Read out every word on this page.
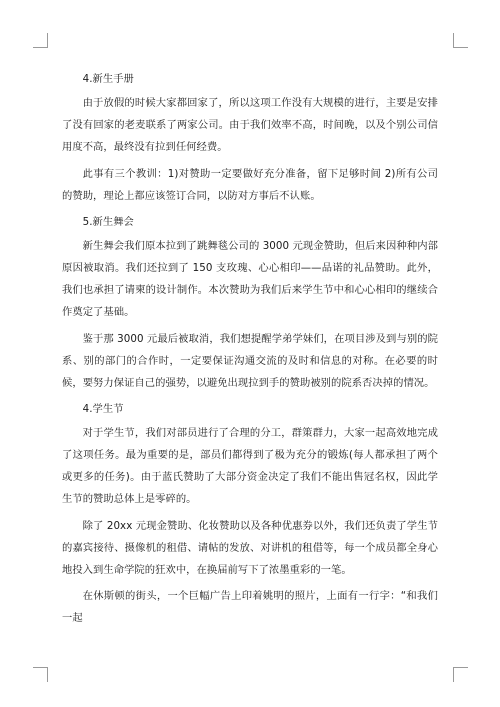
4.新生手册

由于放假的时候大家都回家了，所以这项工作没有大规模的进行，主要是安排了没有回家的老麦联系了两家公司。由于我们效率不高，时间晚，以及个别公司信用度不高，最终没有拉到任何经费。

此事有三个教训：1)对赞助一定要做好充分准备，留下足够时间 2)所有公司的赞助，理论上都应该签订合同，以防对方事后不认账。

5.新生舞会

新生舞会我们原本拉到了跳舞毯公司的 3000 元现金赞助，但后来因种种内部原因被取消。我们还拉到了 150 支玫瑰、心心相印——品诺的礼品赞助。此外，我们也承担了请柬的设计制作。本次赞助为我们后来学生节中和心心相印的继续合作奠定了基础。

鉴于那 3000 元最后被取消，我们想提醒学弟学妹们，在项目涉及到与别的院系、别的部门的合作时，一定要保证沟通交流的及时和信息的对称。在必要的时候，要努力保证自己的强势，以避免出现拉到手的赞助被别的院系否决掉的情况。

4.学生节

对于学生节，我们对部员进行了合理的分工，群策群力，大家一起高效地完成了这项任务。最为重要的是，部员们都得到了极为充分的锻炼(每人都承担了两个或更多的任务)。由于蓝氏赞助了大部分资金决定了我们不能出售冠名权，因此学生节的赞助总体上是零碎的。

除了 20xx 元现金赞助、化妆赞助以及各种优惠券以外，我们还负责了学生节的嘉宾接待、摄像机的租借、请帖的发放、对讲机的租借等，每一个成员都全身心地投入到生命学院的狂欢中，在换届前写下了浓墨重彩的一笔。

在休斯顿的街头，一个巨幅广告上印着姚明的照片，上面有一行字：“和我们一起
